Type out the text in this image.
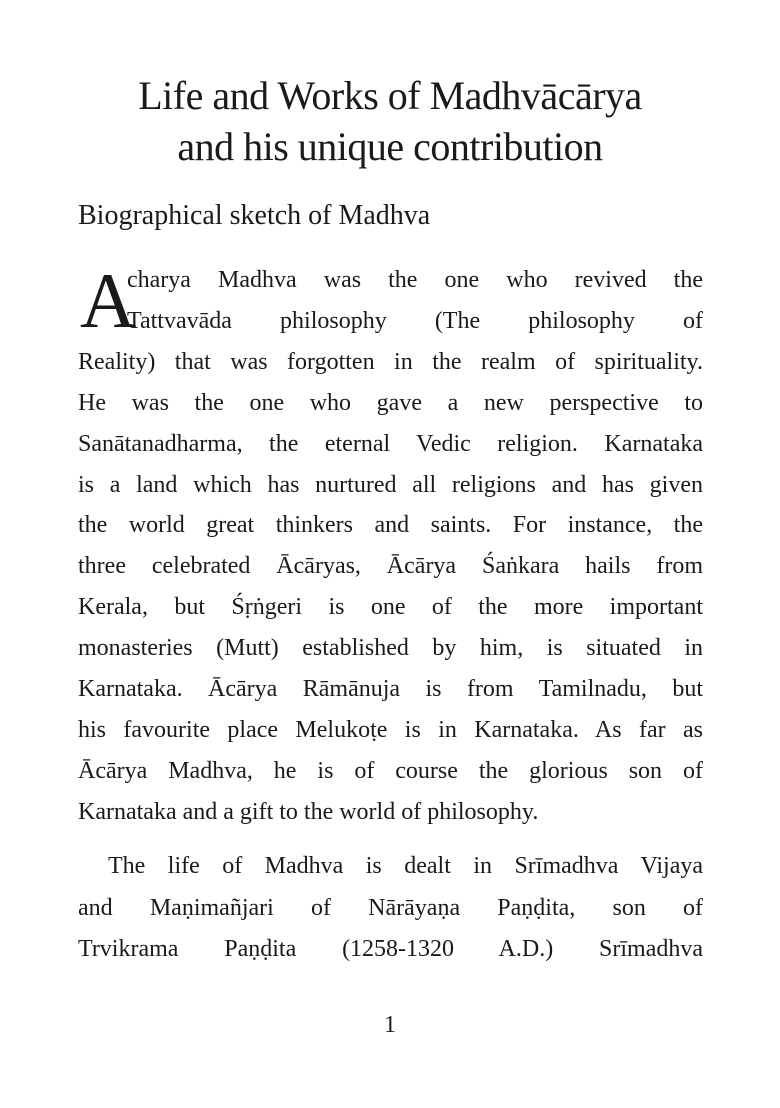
Life and Works of Madhvācārya
and his unique contribution
Biographical sketch of Madhva
A
charya Madhva was the one who revived the
Tattvavāda philosophy (The philosophy of
Reality) that was forgotten in the realm of spirituality.
He was the one who gave a new perspective to
Sanātanadharma, the eternal Vedic religion. Karnataka
is a land which has nurtured all religions and has given
the world great thinkers and saints. For instance, the
three celebrated Ācāryas, Ācārya Śaṅkara hails from
Kerala, but Śṛṅgeri is one of the more important
monasteries (Mutt) established by him, is situated in
Karnataka. Ācārya Rāmānuja is from Tamilnadu, but
his favourite place Melukoṭe is in Karnataka. As far as
Ācārya Madhva, he is of course the glorious son of
Karnataka and a gift to the world of philosophy.
The life of Madhva is dealt in Srīmadhva Vijaya
and Maṇimañjari of Nārāyaṇa Paṇḍita, son of
Trvikrama Paṇḍita (1258-1320 A.D.) Srīmadhva
1
